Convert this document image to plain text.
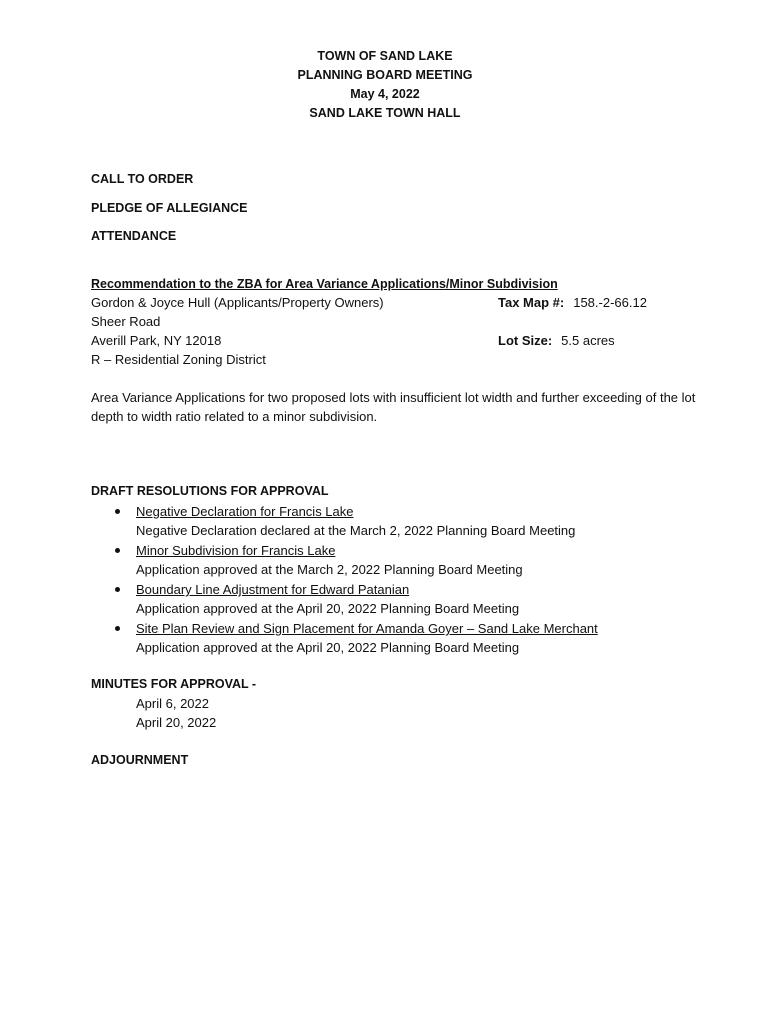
TOWN OF SAND LAKE
PLANNING BOARD MEETING
May 4, 2022
SAND LAKE TOWN HALL
CALL TO ORDER
PLEDGE OF ALLEGIANCE
ATTENDANCE
Recommendation to the ZBA for Area Variance Applications/Minor Subdivision
Gordon & Joyce Hull (Applicants/Property Owners)	Tax Map #: 158.-2-66.12
Sheer Road
Averill Park, NY 12018	Lot Size: 5.5 acres
R – Residential Zoning District
Area Variance Applications for two proposed lots with insufficient lot width and further exceeding of the lot depth to width ratio related to a minor subdivision.
DRAFT RESOLUTIONS FOR APPROVAL
Negative Declaration for Francis Lake
Negative Declaration declared at the March 2, 2022 Planning Board Meeting
Minor Subdivision for Francis Lake
Application approved at the March 2, 2022 Planning Board Meeting
Boundary Line Adjustment for Edward Patanian
Application approved at the April 20, 2022 Planning Board Meeting
Site Plan Review and Sign Placement for Amanda Goyer – Sand Lake Merchant
Application approved at the April 20, 2022 Planning Board Meeting
MINUTES FOR APPROVAL -
April 6, 2022
April 20, 2022
ADJOURNMENT
